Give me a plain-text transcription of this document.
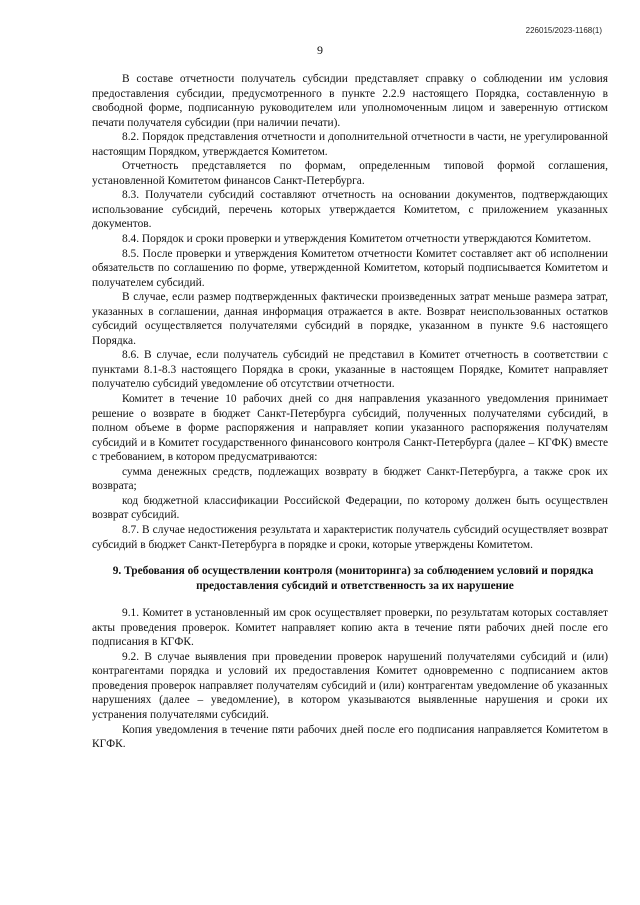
226015/2023-1168(1)
9

В составе отчетности получатель субсидии представляет справку о соблюдении им условия предоставления субсидии, предусмотренного в пункте 2.2.9 настоящего Порядка, составленную в свободной форме, подписанную руководителем или уполномоченным лицом и заверенную оттиском печати получателя субсидии (при наличии печати).

8.2. Порядок представления отчетности и дополнительной отчетности в части, не урегулированной настоящим Порядком, утверждается Комитетом.

Отчетность представляется по формам, определенным типовой формой соглашения, установленной Комитетом финансов Санкт-Петербурга.

8.3. Получатели субсидий составляют отчетность на основании документов, подтверждающих использование субсидий, перечень которых утверждается Комитетом, с приложением указанных документов.

8.4. Порядок и сроки проверки и утверждения Комитетом отчетности утверждаются Комитетом.

8.5. После проверки и утверждения Комитетом отчетности Комитет составляет акт об исполнении обязательств по соглашению по форме, утвержденной Комитетом, который подписывается Комитетом и получателем субсидий.

В случае, если размер подтвержденных фактически произведенных затрат меньше размера затрат, указанных в соглашении, данная информация отражается в акте. Возврат неиспользованных остатков субсидий осуществляется получателями субсидий в порядке, указанном в пункте 9.6 настоящего Порядка.

8.6. В случае, если получатель субсидий не представил в Комитет отчетность в соответствии с пунктами 8.1-8.3 настоящего Порядка в сроки, указанные в настоящем Порядке, Комитет направляет получателю субсидий уведомление об отсутствии отчетности.

Комитет в течение 10 рабочих дней со дня направления указанного уведомления принимает решение о возврате в бюджет Санкт-Петербурга субсидий, полученных получателями субсидий, в полном объеме в форме распоряжения и направляет копии указанного распоряжения получателям субсидий и в Комитет государственного финансового контроля Санкт-Петербурга (далее – КГФК) вместе с требованием, в котором предусматриваются:

сумма денежных средств, подлежащих возврату в бюджет Санкт-Петербурга, а также срок их возврата;

код бюджетной классификации Российской Федерации, по которому должен быть осуществлен возврат субсидий.

8.7. В случае недостижения результата и характеристик получатель субсидий осуществляет возврат субсидий в бюджет Санкт-Петербурга в порядке и сроки, которые утверждены Комитетом.

9. Требования об осуществлении контроля (мониторинга) за соблюдением условий и порядка предоставления субсидий и ответственность за их нарушение

9.1. Комитет в установленный им срок осуществляет проверки, по результатам которых составляет акты проведения проверок. Комитет направляет копию акта в течение пяти рабочих дней после его подписания в КГФК.

9.2. В случае выявления при проведении проверок нарушений получателями субсидий и (или) контрагентами порядка и условий их предоставления Комитет одновременно с подписанием актов проведения проверок направляет получателям субсидий и (или) контрагентам уведомление об указанных нарушениях (далее – уведомление), в котором указываются выявленные нарушения и сроки их устранения получателями субсидий.

Копия уведомления в течение пяти рабочих дней после его подписания направляется Комитетом в КГФК.
